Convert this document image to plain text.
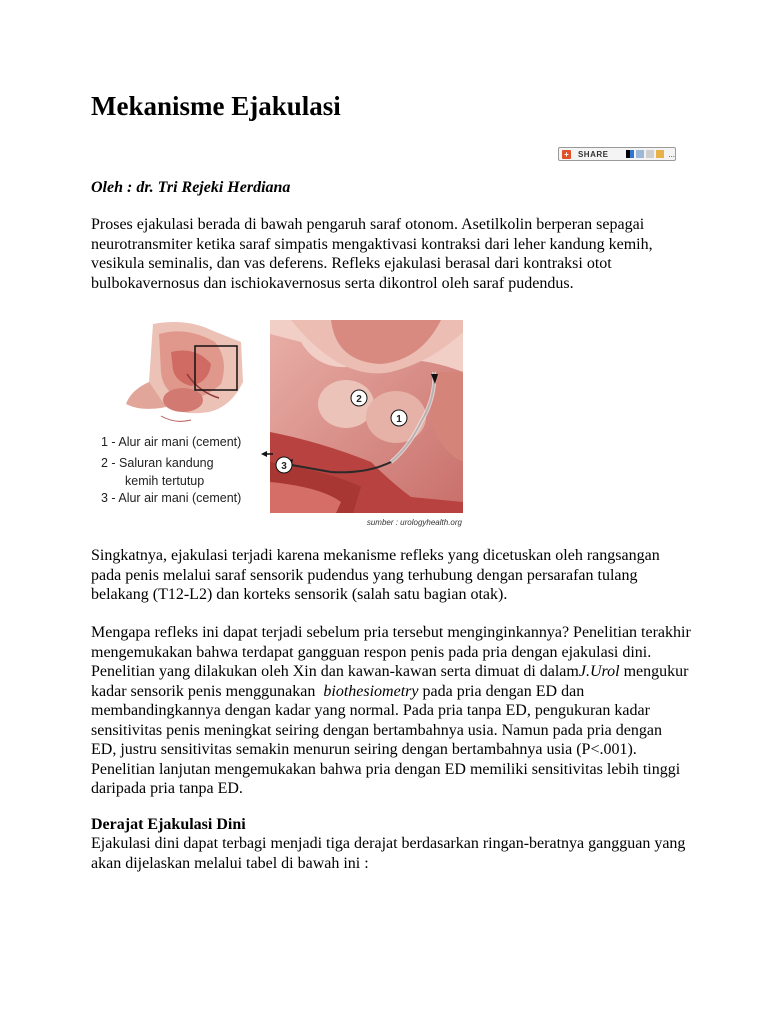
Mekanisme Ejakulasi
+ SHARE	...
Oleh : dr. Tri Rejeki Herdiana

Proses ejakulasi berada di bawah pengaruh saraf otonom. Asetilkolin berperan sepagai neurotransmiter ketika saraf simpatis mengaktivasi kontraksi dari leher kandung kemih, vesikula seminalis, dan vas deferens. Refleks ejakulasi berasal dari kontraksi otot bulbokavernosus dan ischiokavernosus serta dikontrol oleh saraf pudendus.

1
2
3
1 - Alur air mani (cement)
2 - Saluran kandung
kemih tertutup
3 - Alur air mani (cement)
sumber : urologyhealth.org

Singkatnya, ejakulasi terjadi karena mekanisme refleks yang dicetuskan oleh rangsangan pada penis melalui saraf sensorik pudendus yang terhubung dengan persarafan tulang belakang (T12-L2) dan korteks sensorik (salah satu bagian otak).

Mengapa refleks ini dapat terjadi sebelum pria tersebut menginginkannya? Penelitian terakhir mengemukakan bahwa terdapat gangguan respon penis pada pria dengan ejakulasi dini. Penelitian yang dilakukan oleh Xin dan kawan-kawan serta dimuat di dalamJ.Urol mengukur kadar sensorik penis menggunakan  biothesiometry pada pria dengan ED dan membandingkannya dengan kadar yang normal. Pada pria tanpa ED, pengukuran kadar sensitivitas penis meningkat seiring dengan bertambahnya usia. Namun pada pria dengan ED, justru sensitivitas semakin menurun seiring dengan bertambahnya usia (P<.001). Penelitian lanjutan mengemukakan bahwa pria dengan ED memiliki sensitivitas lebih tinggi daripada pria tanpa ED.

Derajat Ejakulasi Dini

Ejakulasi dini dapat terbagi menjadi tiga derajat berdasarkan ringan-beratnya gangguan yang akan dijelaskan melalui tabel di bawah ini :
